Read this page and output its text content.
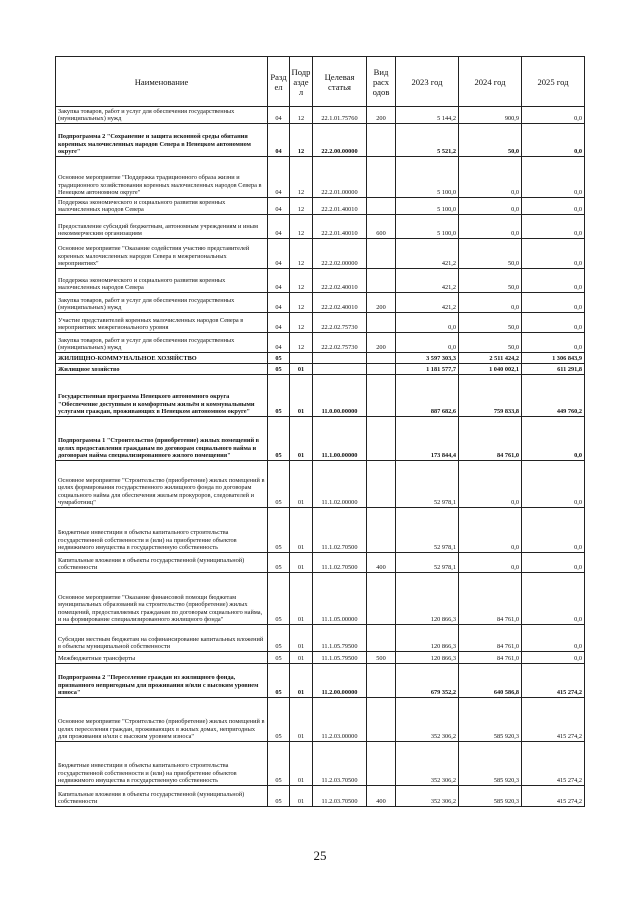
Наименование	Разд ел	Подр азде л	Целевая статья	Вид расх одов	2023 год	2024 год	2025 год
Закупка товаров, работ и услуг для обеспечения государственных (муниципальных) нужд	04	12	22.1.01.75760	200	5 144,2	900,9	0,0
Подпрограмма 2 "Сохранение и защита исконной среды обитания коренных малочисленных народов Севера в Ненецком автономном округе"	04	12	22.2.00.00000		5 521,2	50,0	0,0
Основное мероприятие "Поддержка традиционного образа жизни и традиционного хозяйствования коренных малочисленных народов Севера в Ненецком автономном округе"	04	12	22.2.01.00000		5 100,0	0,0	0,0
Поддержка экономического и социального развития коренных малочисленных народов Севера	04	12	22.2.01.40010		5 100,0	0,0	0,0
Предоставление субсидий бюджетным, автономным учреждениям и иным некоммерческим организациям	04	12	22.2.01.40010	600	5 100,0	0,0	0,0
Основное мероприятие "Оказание содействия участию представителей коренных малочисленных народов Севера в межрегиональных мероприятиях"	04	12	22.2.02.00000		421,2	50,0	0,0
Поддержка экономического и социального развития коренных малочисленных народов Севера	04	12	22.2.02.40010		421,2	50,0	0,0
Закупка товаров, работ и услуг для обеспечения государственных (муниципальных) нужд	04	12	22.2.02.40010	200	421,2	0,0	0,0
Участие представителей коренных малочисленных народов Севера в мероприятиях межрегионального уровня	04	12	22.2.02.75730		0,0	50,0	0,0
Закупка товаров, работ и услуг для обеспечения государственных (муниципальных) нужд	04	12	22.2.02.75730	200	0,0	50,0	0,0
ЖИЛИЩНО-КОММУНАЛЬНОЕ ХОЗЯЙСТВО	05				3 597 303,3	2 511 424,2	1 306 843,9
Жилищное хозяйство	05	01			1 181 577,7	1 040 002,1	611 291,8
Государственная программа Ненецкого автономного округа "Обеспечение доступным и комфортным жильём и коммунальными услугами граждан, проживающих в Ненецком автономном округе"	05	01	11.0.00.00000		887 682,6	759 833,8	449 760,2
Подпрограмма 1 "Строительство (приобретение) жилых помещений в целях предоставления гражданам по договорам социального найма и договорам найма специализированного жилого помещения"	05	01	11.1.00.00000		173 844,4	84 761,0	0,0
Основное мероприятие "Строительство (приобретение) жилых помещений в целях формирования государственного жилищного фонда по договорам социального найма для обеспечения жильем прокуроров, следователей и чумработниц"	05	01	11.1.02.00000		52 978,1	0,0	0,0
Бюджетные инвестиции в объекты капитального строительства государственной собственности и (или) на приобретение объектов недвижимого имущества в государственную собственность	05	01	11.1.02.70500		52 978,1	0,0	0,0
Капитальные вложения в объекты государственной (муниципальной) собственности	05	01	11.1.02.70500	400	52 978,1	0,0	0,0
Основное мероприятие "Оказание финансовой помощи бюджетам муниципальных образований на строительство (приобретение) жилых помещений, предоставляемых гражданам по договорам социального найма, и на формирование специализированного жилищного фонда"	05	01	11.1.05.00000		120 866,3	84 761,0	0,0
Субсидии местным бюджетам на софинансирование капитальных вложений в объекты муниципальной собственности	05	01	11.1.05.79500		120 866,3	84 761,0	0,0
Межбюджетные трансферты	05	01	11.1.05.79500	500	120 866,3	84 761,0	0,0
Подпрограмма 2 "Переселение граждан из жилищного фонда, признанного непригодным для проживания и/или с высоким уровнем износа"	05	01	11.2.00.00000		679 352,2	640 586,8	415 274,2
Основное мероприятие "Строительство (приобретение) жилых помещений в целях переселения граждан, проживающих в жилых домах, непригодных для проживания и/или с высоким уровнем износа"	05	01	11.2.03.00000		352 306,2	585 920,3	415 274,2
Бюджетные инвестиции в объекты капитального строительства государственной собственности и (или) на приобретение объектов недвижимого имущества в государственную собственность	05	01	11.2.03.70500		352 306,2	585 920,3	415 274,2
Капитальные вложения в объекты государственной (муниципальной) собственности	05	01	11.2.03.70500	400	352 306,2	585 920,3	415 274,2
25
